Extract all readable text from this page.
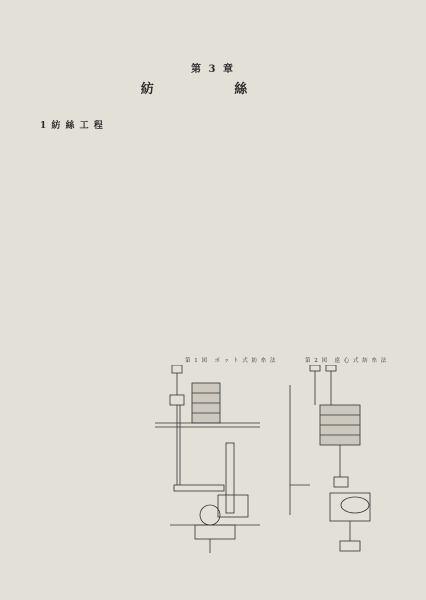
第 3 章
紡 絲
1 紡 絲 工 程

第 1 図　ポ ッ ト 式 紡 糸 法	第 2 図　遠 心 式 紡 糸 法
